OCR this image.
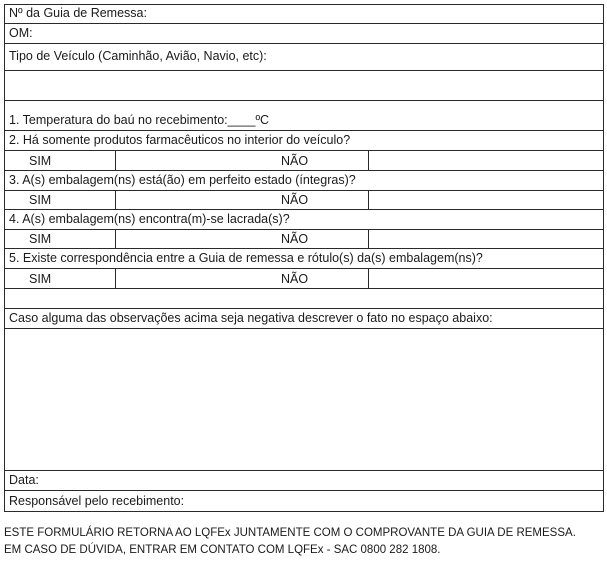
Nº da Guia de Remessa:
OM:
Tipo de Veículo (Caminhão, Avião, Navio, etc):
1. Temperatura do baú no recebimento:____ºC
2. Há somente produtos farmacêuticos no interior do veículo?
SIM	NÃO
3. A(s) embalagem(ns) está(ão) em perfeito estado (íntegras)?
SIM	NÃO
4. A(s) embalagem(ns) encontra(m)-se lacrada(s)?
SIM	NÃO
5. Existe correspondência entre a Guia de remessa e rótulo(s) da(s) embalagem(ns)?
SIM	NÃO
Caso alguma das observações acima seja negativa descrever o fato no espaço abaixo:
Data:
Responsável pelo recebimento:
ESTE FORMULÁRIO RETORNA AO LQFEx JUNTAMENTE COM O COMPROVANTE DA GUIA DE REMESSA.
EM CASO DE DÚVIDA, ENTRAR EM CONTATO COM LQFEx - SAC 0800 282 1808.
